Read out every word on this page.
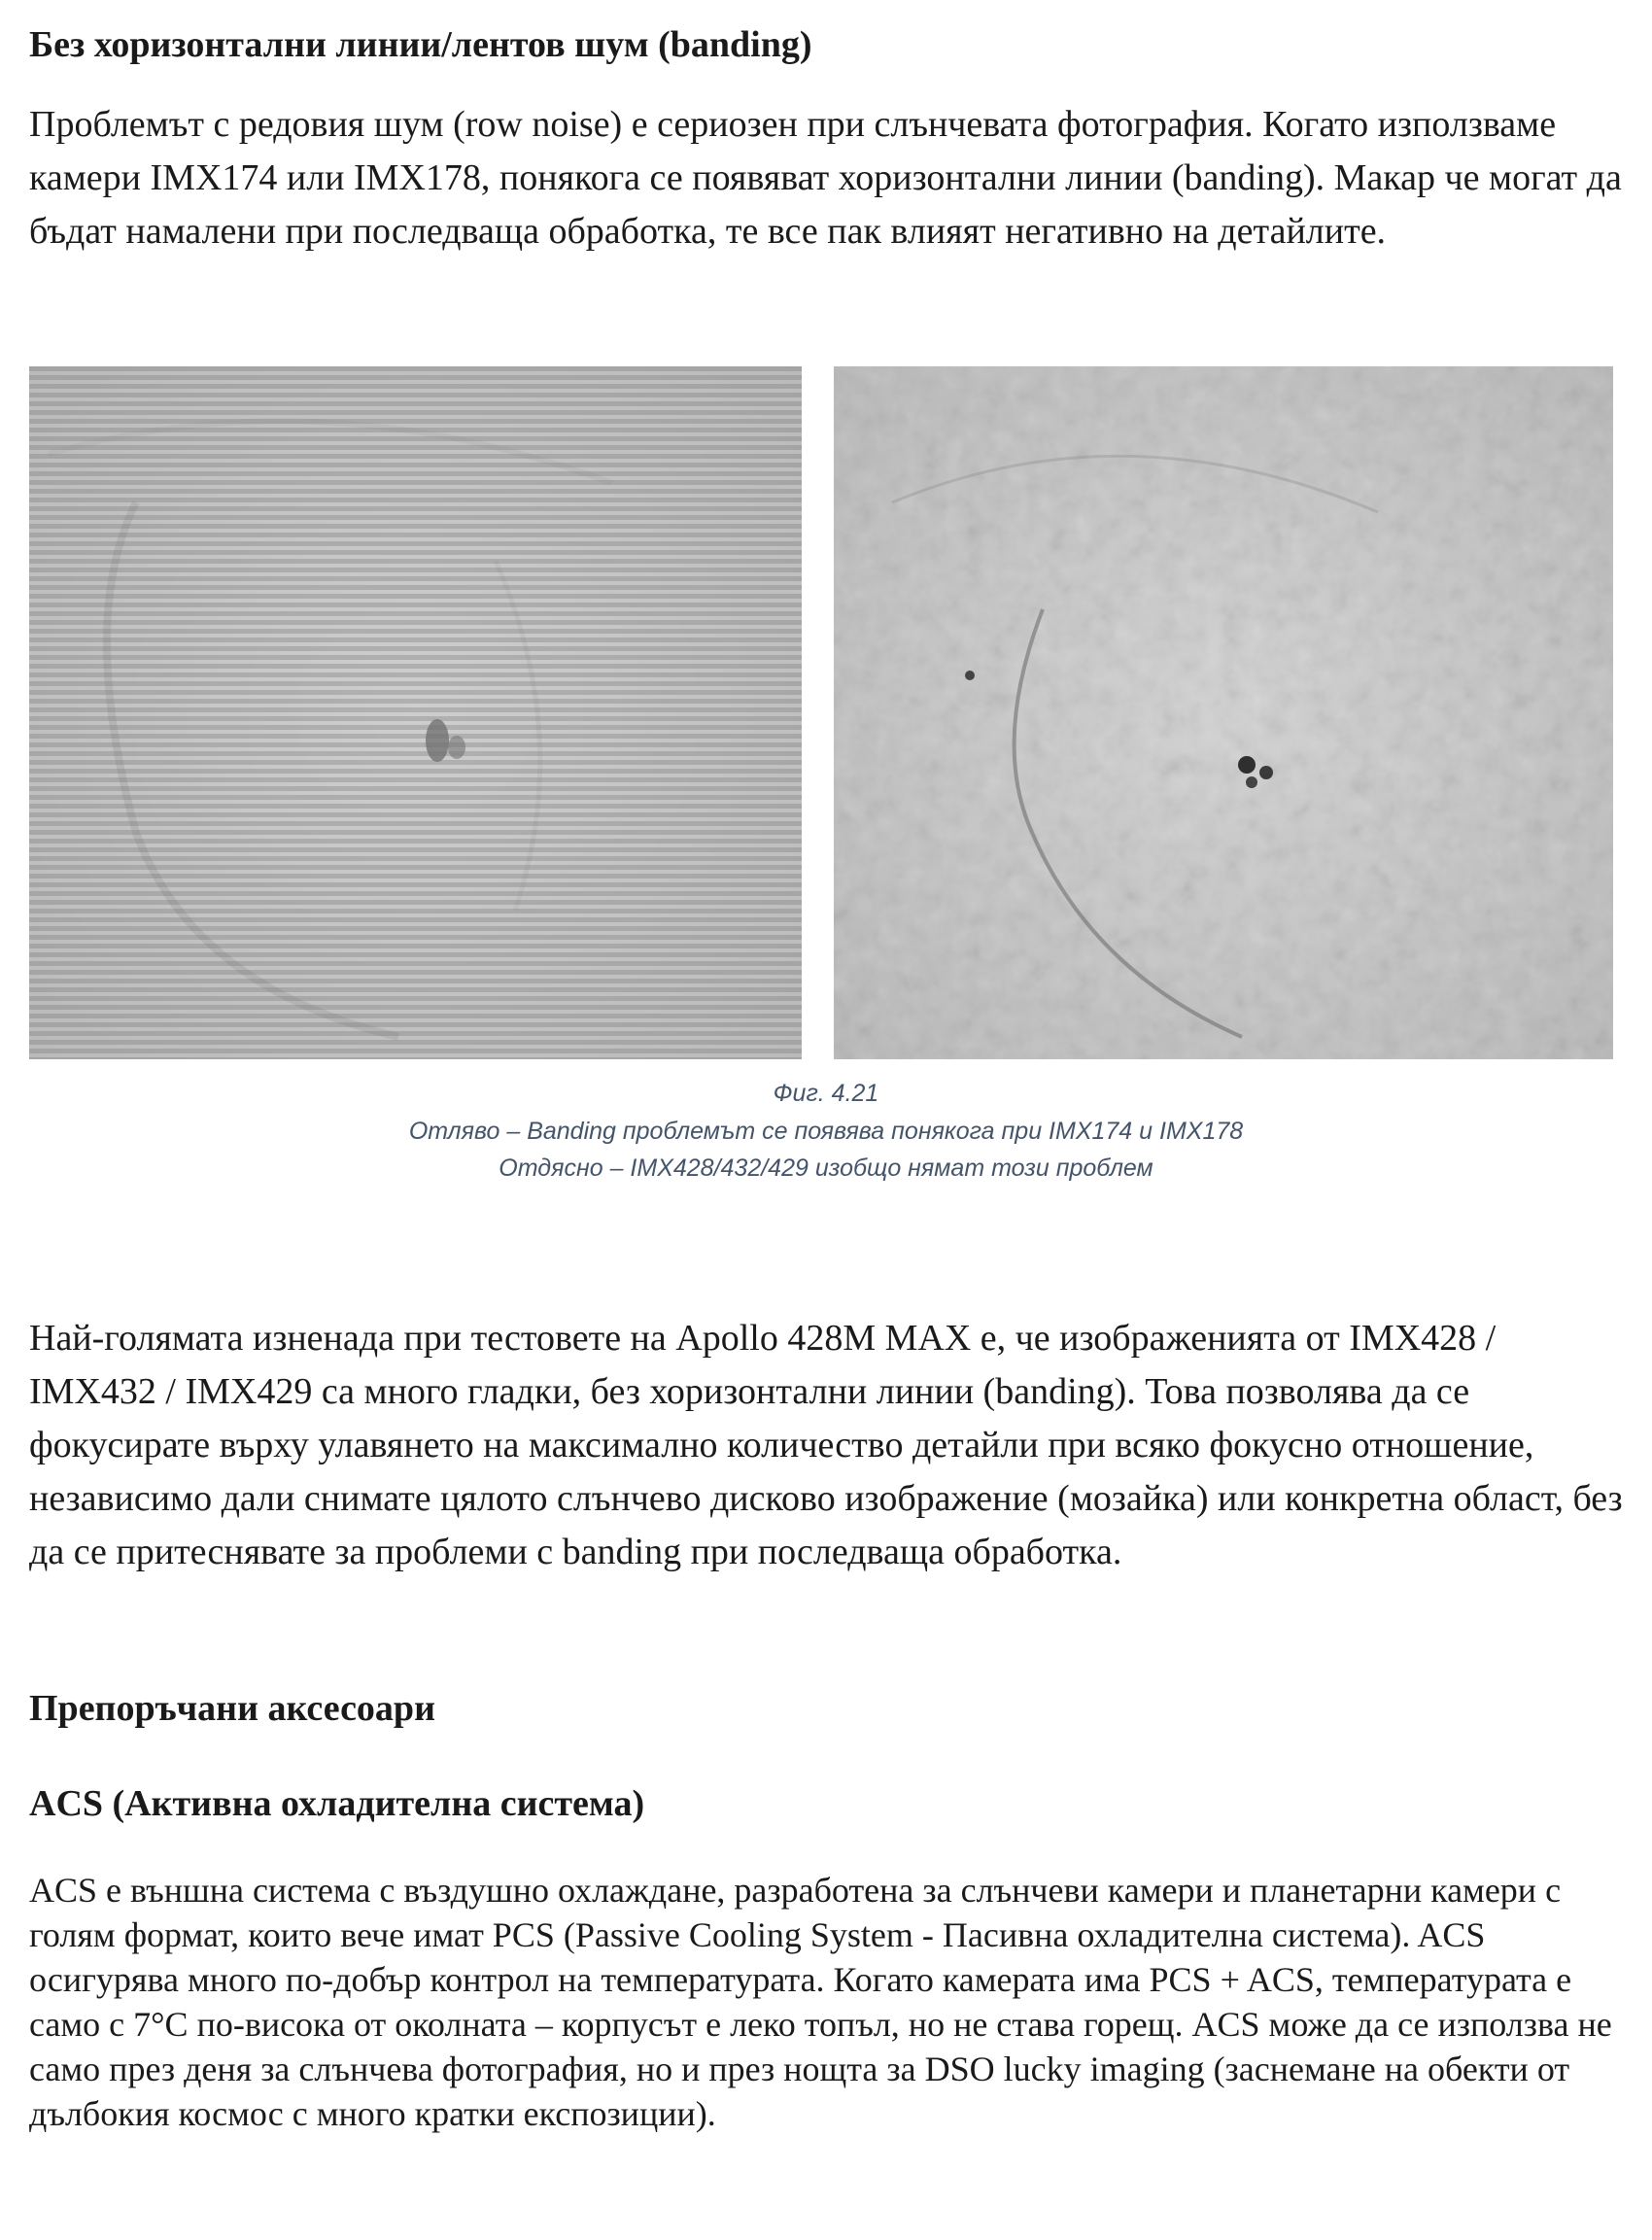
Без хоризонтални линии/лентов шум (banding)

Проблемът с редовия шум (row noise) е сериозен при слънчевата фотография. Когато използваме камери IMX174 или IMX178, понякога се появяват хоризонтални линии (banding). Макар че могат да бъдат намалени при последваща обработка, те все пак влияят негативно на детайлите.

Фиг. 4.21

Отляво – Banding проблемът се появява понякога при IMX174 и IMX178

Отдясно – IMX428/432/429 изобщо нямат този проблем

Най-голямата изненада при тестовете на Apollo 428M MAX е, че изображенията от IMX428 / IMX432 / IMX429 са много гладки, без хоризонтални линии (banding). Това позволява да се фокусирате върху улавянето на максимално количество детайли при всяко фокусно отношение, независимо дали снимате цялото слънчево дисково изображение (мозайка) или конкретна област, без да се притеснявате за проблеми с banding при последваща обработка.

Препоръчани аксесоари
ACS (Активна охладителна система)

ACS е външна система с въздушно охлаждане, разработена за слънчеви камери и планетарни камери с голям формат, които вече имат PCS (Passive Cooling System - Пасивна охладителна система). ACS осигурява много по-добър контрол на температурата. Когато камерата има PCS + ACS, температурата е само с 7°C по-висока от околната – корпусът е леко топъл, но не става горещ. ACS може да се използва не само през деня за слънчева фотография, но и през нощта за DSO lucky imaging (заснемане на обекти от дълбокия космос с много кратки експозиции).
